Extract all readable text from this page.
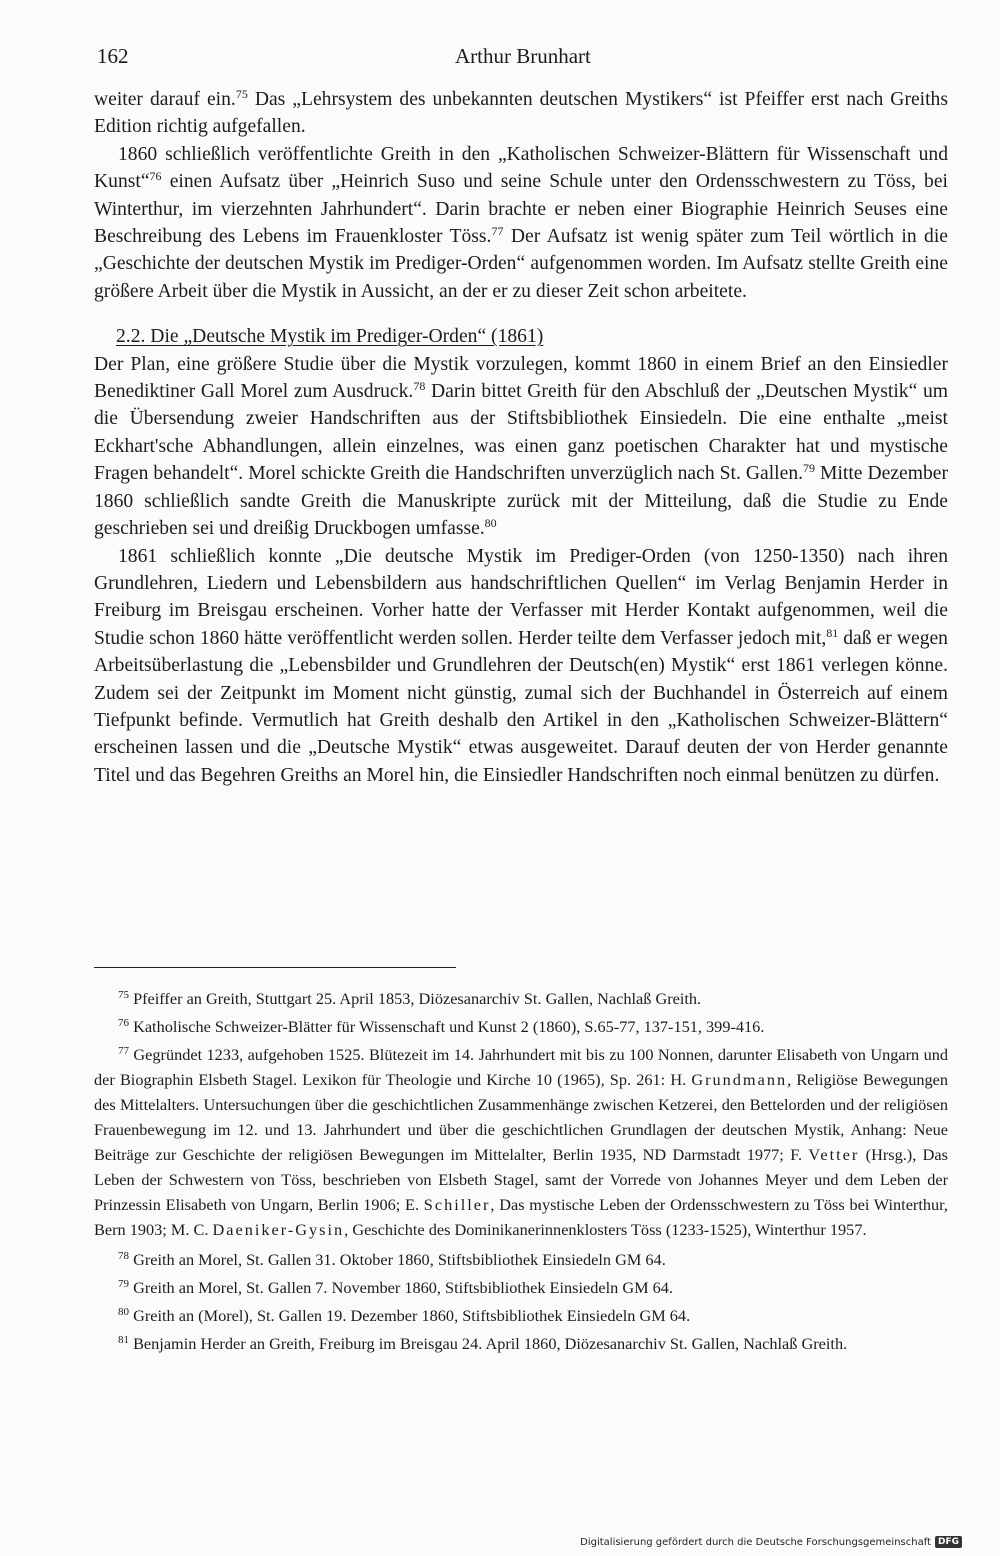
162	Arthur Brunhart

weiter darauf ein.$^{75}$ Das „Lehrsystem des unbekannten deutschen Mystikers“ ist Pfeiffer erst nach Greiths Edition richtig aufgefallen.

1860 schließlich veröffentlichte Greith in den „Katholischen Schweizer-Blättern für Wissenschaft und Kunst“$^{76}$ einen Aufsatz über „Heinrich Suso und seine Schule unter den Ordensschwestern zu Töss, bei Winterthur, im vierzehnten Jahrhundert“. Darin brachte er neben einer Biographie Heinrich Seuses eine Beschreibung des Lebens im Frauenkloster Töss.$^{77}$ Der Aufsatz ist wenig später zum Teil wörtlich in die „Geschichte der deutschen Mystik im Prediger-Orden“ aufgenommen worden. Im Aufsatz stellte Greith eine größere Arbeit über die Mystik in Aussicht, an der er zu dieser Zeit schon arbeitete.

2.2. Die „Deutsche Mystik im Prediger-Orden“ (1861)

Der Plan, eine größere Studie über die Mystik vorzulegen, kommt 1860 in einem Brief an den Einsiedler Benediktiner Gall Morel zum Ausdruck.$^{78}$ Darin bittet Greith für den Abschluß der „Deutschen Mystik“ um die Übersendung zweier Handschriften aus der Stiftsbibliothek Einsiedeln. Die eine enthalte „meist Eckhart'sche Abhandlungen, allein einzelnes, was einen ganz poetischen Charakter hat und mystische Fragen behandelt“. Morel schickte Greith die Handschriften unverzüglich nach St. Gallen.$^{79}$ Mitte Dezember 1860 schließlich sandte Greith die Manuskripte zurück mit der Mitteilung, daß die Studie zu Ende geschrieben sei und dreißig Druckbogen umfasse.$^{80}$

1861 schließlich konnte „Die deutsche Mystik im Prediger-Orden (von 1250-1350) nach ihren Grundlehren, Liedern und Lebensbildern aus handschriftlichen Quellen“ im Verlag Benjamin Herder in Freiburg im Breisgau erscheinen. Vorher hatte der Verfasser mit Herder Kontakt aufgenommen, weil die Studie schon 1860 hätte veröffentlicht werden sollen. Herder teilte dem Verfasser jedoch mit,$^{81}$ daß er wegen Arbeitsüberlastung die „Lebensbilder und Grundlehren der Deutsch(en) Mystik“ erst 1861 verlegen könne. Zudem sei der Zeitpunkt im Moment nicht günstig, zumal sich der Buchhandel in Österreich auf einem Tiefpunkt befinde. Vermutlich hat Greith deshalb den Artikel in den „Katholischen Schweizer-Blättern“ erscheinen lassen und die „Deutsche Mystik“ etwas ausgeweitet. Darauf deuten der von Herder genannte Titel und das Begehren Greiths an Morel hin, die Einsiedler Handschriften noch einmal benützen zu dürfen.

$^{75}$ Pfeiffer an Greith, Stuttgart 25. April 1853, Diözesanarchiv St. Gallen, Nachlaß Greith.

$^{76}$ Katholische Schweizer-Blätter für Wissenschaft und Kunst 2 (1860), S.65-77, 137-151, 399-416.

$^{77}$ Gegründet 1233, aufgehoben 1525. Blütezeit im 14. Jahrhundert mit bis zu 100 Nonnen, darunter Elisabeth von Ungarn und der Biographin Elsbeth Stagel. Lexikon für Theologie und Kirche 10 (1965), Sp. 261: H. Grundmann, Religiöse Bewegungen des Mittelalters. Untersuchungen über die geschichtlichen Zusammenhänge zwischen Ketzerei, den Bettelorden und der religiösen Frauenbewegung im 12. und 13. Jahrhundert und über die geschichtlichen Grundlagen der deutschen Mystik, Anhang: Neue Beiträge zur Geschichte der religiösen Bewegungen im Mittelalter, Berlin 1935, ND Darmstadt 1977; F. Vetter (Hrsg.), Das Leben der Schwestern von Töss, beschrieben von Elsbeth Stagel, samt der Vorrede von Johannes Meyer und dem Leben der Prinzessin Elisabeth von Ungarn, Berlin 1906; E. Schiller, Das mystische Leben der Ordensschwestern zu Töss bei Winterthur, Bern 1903; M. C. Daeniker-Gysin, Geschichte des Dominikanerinnenklosters Töss (1233-1525), Winterthur 1957.

$^{78}$ Greith an Morel, St. Gallen 31. Oktober 1860, Stiftsbibliothek Einsiedeln GM 64.

$^{79}$ Greith an Morel, St. Gallen 7. November 1860, Stiftsbibliothek Einsiedeln GM 64.

$^{80}$ Greith an (Morel), St. Gallen 19. Dezember 1860, Stiftsbibliothek Einsiedeln GM 64.

$^{81}$ Benjamin Herder an Greith, Freiburg im Breisgau 24. April 1860, Diözesanarchiv St. Gallen, Nachlaß Greith.

Digitalisierung gefördert durch die Deutsche Forschungsgemeinschaft DFG
